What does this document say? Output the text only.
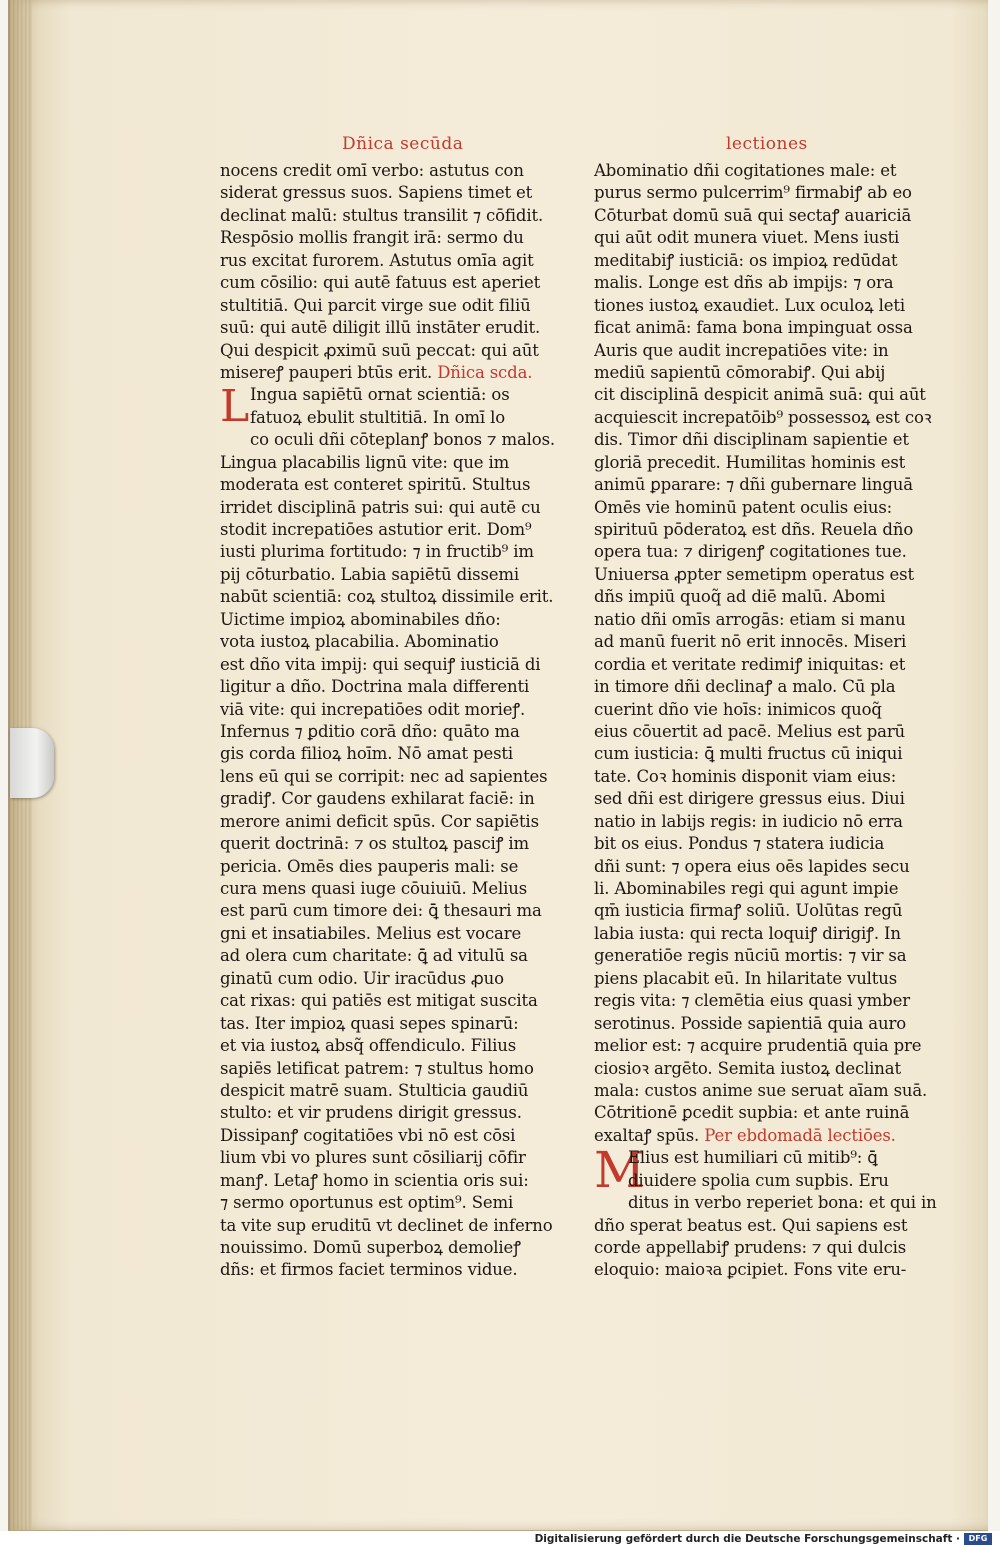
Dñica secūda	lectiones
nocens credit omī verbo: astutus con
siderat gressus suos. Sapiens timet et
declinat malū: stultus transilit ⁊ cōfidit.
Respōsio mollis frangit irā: sermo du
rus excitat furorem. Astutus omīa agit
cum cōsilio: qui autē fatuus est aperiet
stultitiā. Qui parcit virge sue odit filiū
suū: qui autē diligit illū instāter erudit.
Qui despicit ꝓximū suū peccat: qui aūt
misereꝭ pauperi btūs erit. Dñica scda.
L Ingua sapiētū ornat scientiā: os
fatuoꝝ ebulit stultitiā. In omī lo
co oculi dñi cōteplanꝭ bonos ⁊ malos.
Lingua placabilis lignū vite: que im
moderata est conteret spiritū. Stultus
irridet disciplinā patris sui: qui autē cu
stodit increpatiōes astutior erit. Dom⁹
iusti plurima fortitudo: ⁊ in fructib⁹ im
pij cōturbatio. Labia sapiētū dissemi
nabūt scientiā: coꝝ stultoꝝ dissimile erit.
Uictime impioꝝ abominabiles dño:
vota iustoꝝ placabilia. Abominatio
est dño vita impij: qui sequiꝭ iusticiā di
ligitur a dño. Doctrina mala differenti
viā vite: qui increpatiōes odit morieꝭ.
Infernus ⁊ ꝑditio corā dño: quāto ma
gis corda filioꝝ hoīm. Nō amat pesti
lens eū qui se corripit: nec ad sapientes
gradiꝭ. Cor gaudens exhilarat faciē: in
merore animi deficit spūs. Cor sapiētis
querit doctrinā: ⁊ os stultoꝝ pasciꝭ im
pericia. Omēs dies pauperis mali: se
cura mens quasi iuge cōuiuiū. Melius
est parū cum timore dei: ꝗ̄ thesauri ma
gni et insatiabiles. Melius est vocare
ad olera cum charitate: ꝗ̄ ad vitulū sa
ginatū cum odio. Uir iracūdus ꝓuo
cat rixas: qui patiēs est mitigat suscita
tas. Iter impioꝝ quasi sepes spinarū:
et via iustoꝝ absq̃ offendiculo. Filius
sapiēs letificat patrem: ⁊ stultus homo
despicit matrē suam. Stulticia gaudiū
stulto: et vir prudens dirigit gressus.
Dissipanꝭ cogitatiōes vbi nō est cōsi
lium vbi vo plures sunt cōsiliarij cōfir
manꝭ. Letaꝭ homo in scientia oris sui:
⁊ sermo oportunus est optim⁹. Semi
ta vite sup eruditū vt declinet de inferno
nouissimo. Domū superboꝝ demolieꝭ
dñs: et firmos faciet terminos vidue.
Abominatio dñi cogitationes male: et
purus sermo pulcerrim⁹ firmabiꝭ ab eo
Cōturbat domū suā qui sectaꝭ auariciā
qui aūt odit munera viuet. Mens iusti
meditabiꝭ iusticiā: os impioꝝ redūdat
malis. Longe est dñs ab impijs: ⁊ ora
tiones iustoꝝ exaudiet. Lux oculoꝝ leti
ficat animā: fama bona impinguat ossa
Auris que audit increpatiōes vite: in
mediū sapientū cōmorabiꝭ. Qui abij
cit disciplinā despicit animā suā: qui aūt
acquiescit increpatōib⁹ possessoꝝ est coꝛ
dis. Timor dñi disciplinam sapientie et
gloriā precedit. Humilitas hominis est
animū ꝑparare: ⁊ dñi gubernare linguā
Omēs vie hominū patent oculis eius:
spirituū pōderatoꝝ est dñs. Reuela dño
opera tua: ⁊ dirigenꝭ cogitationes tue.
Uniuersa ꝓpter semetipm operatus est
dñs impiū quoq̃ ad diē malū. Abomi
natio dñi omīs arrogās: etiam si manu
ad manū fuerit nō erit innocēs. Miseri
cordia et veritate redimiꝭ iniquitas: et
in timore dñi declinaꝭ a malo. Cū pla
cuerint dño vie hoīs: inimicos quoq̃
eius cōuertit ad pacē. Melius est parū
cum iusticia: ꝗ̄ multi fructus cū iniqui
tate. Coꝛ hominis disponit viam eius:
sed dñi est dirigere gressus eius. Diui
natio in labijs regis: in iudicio nō erra
bit os eius. Pondus ⁊ statera iudicia
dñi sunt: ⁊ opera eius oēs lapides secu
li. Abominabiles regi qui agunt impie
qm̄ iusticia firmaꝭ soliū. Uolūtas regū
labia iusta: qui recta loquiꝭ dirigiꝭ. In
generatiōe regis nūciū mortis: ⁊ vir sa
piens placabit eū. In hilaritate vultus
regis vita: ⁊ clemētia eius quasi ymber
serotinus. Posside sapientiā quia auro
melior est: ⁊ acquire prudentiā quia pre
ciosioꝛ argēto. Semita iustoꝝ declinat
mala: custos anime sue seruat aīam suā.
Cōtritionē ꝑcedit supbia: et ante ruinā
exaltaꝭ spūs. Per ebdomadā lectiōes.
M
Elius est humiliari cū mitib⁹: ꝗ̄
diuidere spolia cum supbis. Eru
ditus in verbo reperiet bona: et qui in
dño sperat beatus est. Qui sapiens est
corde appellabiꝭ prudens: ⁊ qui dulcis
eloquio: maioꝛa ꝑcipiet. Fons vite eru-
Digitalisierung gefördert durch die Deutsche Forschungsgemeinschaft ·	DFG
